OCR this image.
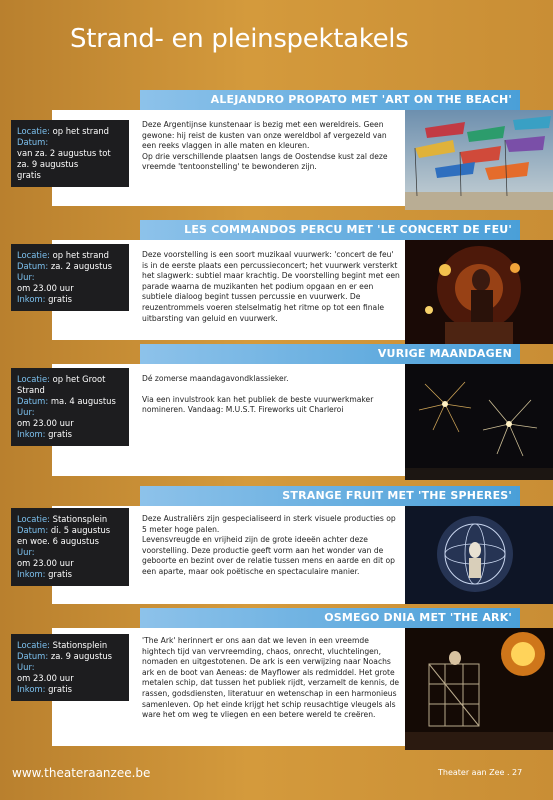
Strand- en pleinspektakels
ALEJANDRO PROPATO MET 'ART ON THE BEACH'
Locatie: op het strand
Datum:
van za. 2 augustus tot za. 9 augustus
gratis

Deze Argentijnse kunstenaar is bezig met een wereldreis. Geen gewone: hij reist de kusten van onze wereldbol af vergezeld van een reeks vlaggen in alle maten en kleuren.

Op drie verschillende plaatsen langs de Oostendse kust zal deze vreemde 'tentoonstelling' te bewonderen zijn.

LES COMMANDOS PERCU MET 'LE CONCERT DE FEU'
Locatie: op het strand
Datum: za. 2 augustus
Uur:
om 23.00 uur
Inkom: gratis

Deze voorstelling is een soort muzikaal vuurwerk: 'concert de feu' is in de eerste plaats een percussieconcert; het vuurwerk versterkt het slagwerk: subtiel maar krachtig. De voorstelling begint met een parade waarna de muzikanten het podium opgaan en er een subtiele dialoog begint tussen percussie en vuurwerk. De reuzentrommels voeren stelselmatig het ritme op tot een finale uitbarsting van geluid en vuurwerk.

VURIGE MAANDAGEN
Locatie: op het Groot Strand
Datum: ma. 4 augustus
Uur:
om 23.00 uur
Inkom: gratis

Dé zomerse maandagavondklassieker.

Via een invulstrook kan het publiek de beste vuurwerkmaker nomineren. Vandaag: M.U.S.T. Fireworks uit Charleroi

STRANGE FRUIT MET 'THE SPHERES'
Locatie: Stationsplein
Datum: di. 5 augustus en woe. 6 augustus
Uur:
om 23.00 uur
Inkom: gratis

Deze Australiërs zijn gespecialiseerd in sterk visuele producties op 5 meter hoge palen.

Levensvreugde en vrijheid zijn de grote ideeën achter deze voorstelling. Deze productie geeft vorm aan het wonder van de geboorte en bezint over de relatie tussen mens en aarde en dit op een aparte, maar ook poëtische en spectaculaire manier.

OSMEGO DNIA MET 'THE ARK'
Locatie: Stationsplein
Datum: za. 9 augustus
Uur:
om 23.00 uur
Inkom: gratis

'The Ark' herinnert er ons aan dat we leven in een vreemde hightech tijd van vervreemding, chaos, onrecht, vluchtelingen, nomaden en uitgestotenen. De ark is een verwijzing naar Noachs ark en de boot van Aeneas: de Mayflower als redmiddel. Het grote metalen schip, dat tussen het publiek rijdt, verzamelt de kennis, de rassen, godsdiensten, literatuur en wetenschap in een harmonieus samenleven. Op het einde krijgt het schip reusachtige vleugels als ware het om weg te vliegen en een betere wereld te creëren.

www.theateraanzee.be	Theater aan Zee . 27
